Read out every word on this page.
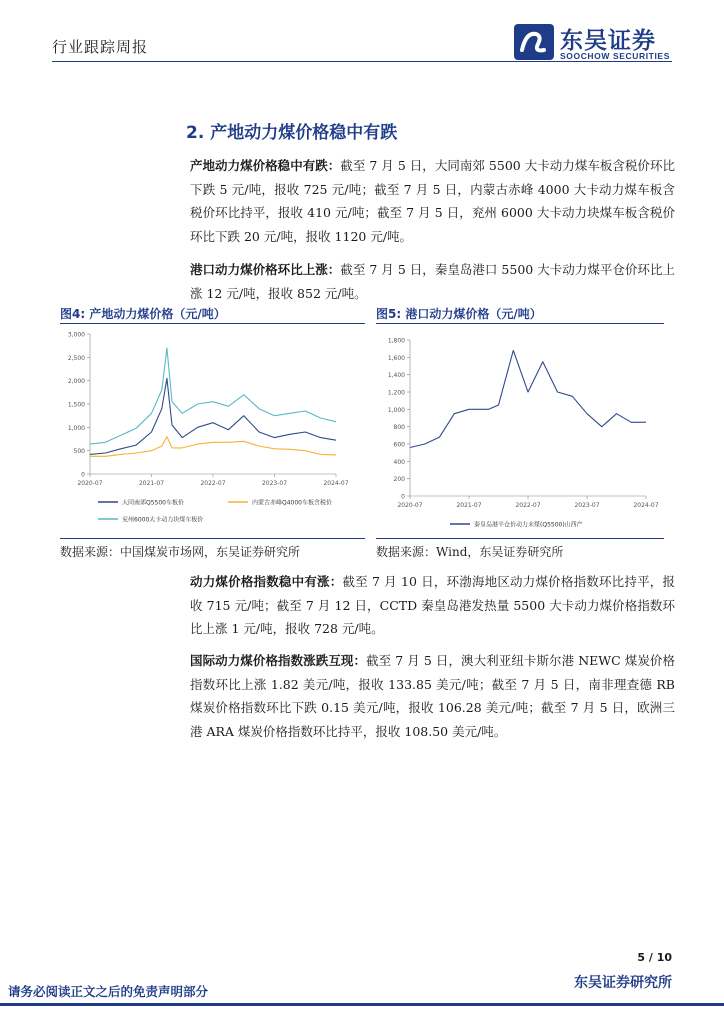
行业跟踪周报	东吴证券
SOOCHOW SECURITIES
2. 产地动力煤价格稳中有跌
产地动力煤价格稳中有跌：截至 7 月 5 日，大同南郊 5500 大卡动力煤车板含税价环比下跌 5 元/吨，报收 725 元/吨；截至 7 月 5 日，内蒙古赤峰 4000 大卡动力煤车板含税价环比持平，报收 410 元/吨；截至 7 月 5 日，兖州 6000 大卡动力块煤车板含税价环比下跌 20 元/吨，报收 1120 元/吨。
港口动力煤价格环比上涨：截至 7 月 5 日，秦皇岛港口 5500 大卡动力煤平仓价环比上涨 12 元/吨，报收 852 元/吨。
图4: 产地动力煤价格（元/吨）	图5: 港口动力煤价格（元/吨）
0
500
1,000
1,500
2,000
2,500
3,000
2020-07	2021-07	2022-07	2023-07	2024-07
大同南郊Q5500车板价	内蒙古赤峰Q4000车板含税价
兖州6000大卡动力块煤车板价
0
200
400
600
800
1,000
1,200
1,400
1,600
1,800
2020-07	2021-07	2022-07	2023-07	2024-07
秦皇岛港平仓价动力末煤(Q5500)山西产
数据来源：中国煤炭市场网，东吴证券研究所	数据来源：Wind，东吴证券研究所
动力煤价格指数稳中有涨：截至 7 月 10 日，环渤海地区动力煤价格指数环比持平，报收 715 元/吨；截至 7 月 12 日，CCTD 秦皇岛港发热量 5500 大卡动力煤价格指数环比上涨 1 元/吨，报收 728 元/吨。
国际动力煤价格指数涨跌互现：截至 7 月 5 日，澳大利亚纽卡斯尔港 NEWC 煤炭价格指数环比上涨 1.82 美元/吨，报收 133.85 美元/吨；截至 7 月 5 日，南非理查德 RB 煤炭价格指数环比下跌 0.15 美元/吨，报收 106.28 美元/吨；截至 7 月 5 日，欧洲三港 ARA 煤炭价格指数环比持平，报收 108.50 美元/吨。
5 / 10
东吴证券研究所
请务必阅读正文之后的免责声明部分
